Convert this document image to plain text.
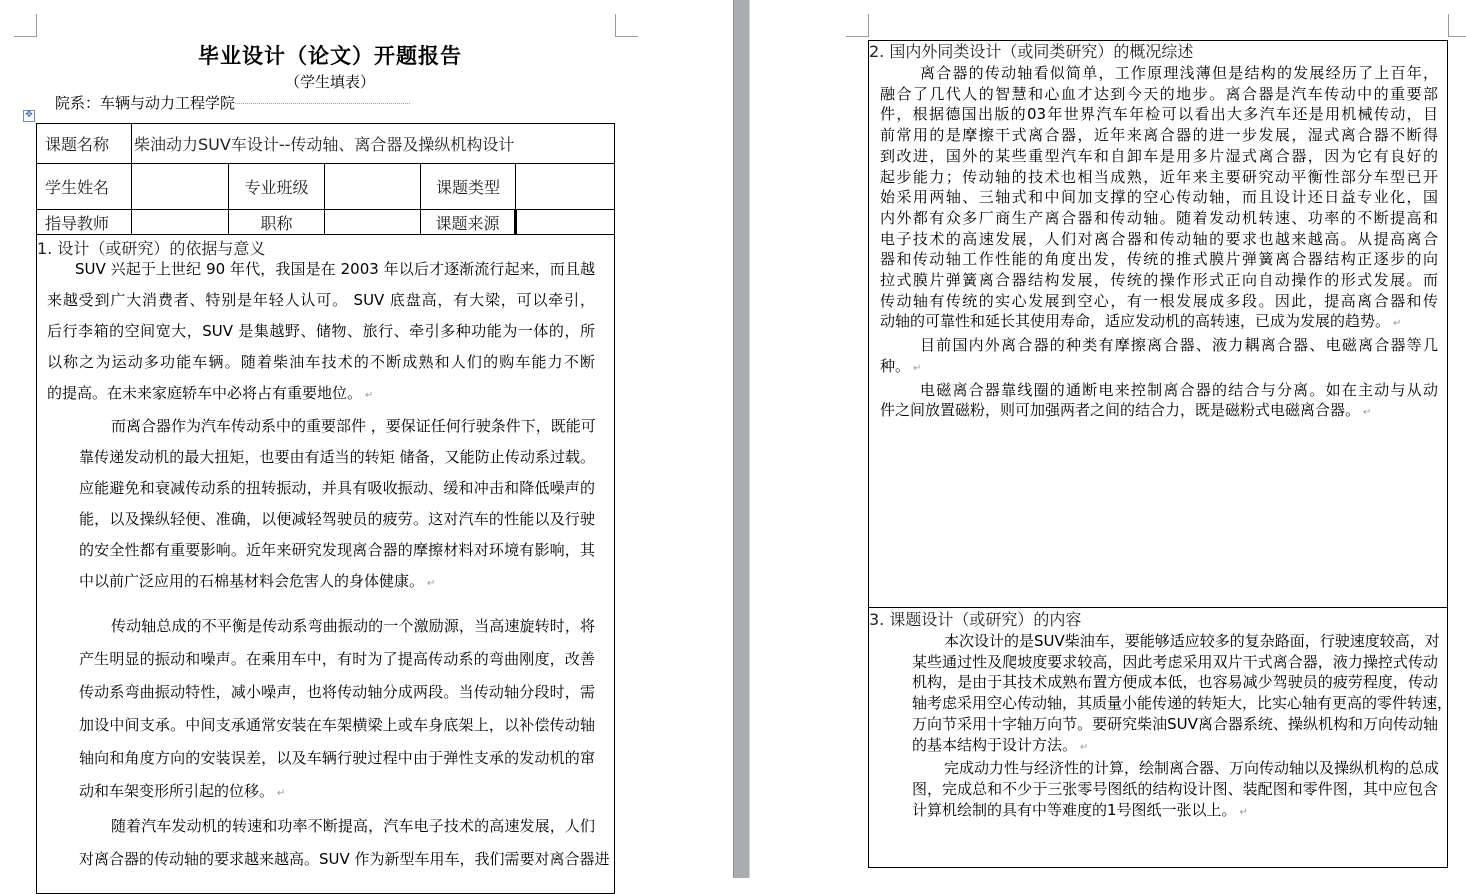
毕业设计（论文）开题报告
（学生填表）
院系：车辆与动力工程学院
✥
课题名称	柴油动力SUV车设计--传动轴、离合器及操纵机构设计				
学生姓名		专业班级		课题类型	
指导教师		职称		课题来源	
1. 设计（或研究）的依据与意义
SUV 兴起于上世纪 90 年代，我国是在 2003 年以后才逐渐流行起来，而且越
来越受到广大消费者、特别是年轻人认可。 SUV 底盘高，有大梁，可以牵引，
后行李箱的空间宽大，SUV 是集越野、储物、旅行、牵引多种功能为一体的，所
以称之为运动多功能车辆。随着柴油车技术的不断成熟和人们的购车能力不断
的提高。在未来家庭轿车中必将占有重要地位。 ↵
而离合器作为汽车传动系中的重要部件 ，要保证任何行驶条件下，既能可
靠传递发动机的最大扭矩，也要由有适当的转矩 储备，又能防止传动系过载。
应能避免和衰减传动系的扭转振动，并具有吸收振动、缓和冲击和降低噪声的
能，以及操纵轻便、准确，以便减轻驾驶员的疲劳。这对汽车的性能以及行驶
的安全性都有重要影响。近年来研究发现离合器的摩擦材料对环境有影响，其
中以前广泛应用的石棉基材料会危害人的身体健康。 ↵
传动轴总成的不平衡是传动系弯曲振动的一个激励源，当高速旋转时，将
产生明显的振动和噪声。在乘用车中，有时为了提高传动系的弯曲刚度，改善
传动系弯曲振动特性，减小噪声，也将传动轴分成两段。当传动轴分段时，需
加设中间支承。中间支承通常安装在车架横梁上或车身底架上，以补偿传动轴
轴向和角度方向的安装误差，以及车辆行驶过程中由于弹性支承的发动机的窜
动和车架变形所引起的位移。 ↵
随着汽车发动机的转速和功率不断提高，汽车电子技术的高速发展，人们
对离合器的传动轴的要求越来越高。SUV 作为新型车用车，我们需要对离合器进
2. 国内外同类设计（或同类研究）的概况综述
离合器的传动轴看似简单，工作原理浅薄但是结构的发展经历了上百年，
融合了几代人的智慧和心血才达到今天的地步。离合器是汽车传动中的重要部
件，根据德国出版的03年世界汽车年检可以看出大多汽车还是用机械传动，目
前常用的是摩擦干式离合器，近年来离合器的进一步发展，湿式离合器不断得
到改进，国外的某些重型汽车和自卸车是用多片湿式离合器，因为它有良好的
起步能力；传动轴的技术也相当成熟，近年来主要研究动平衡性部分车型已开
始采用两轴、三轴式和中间加支撑的空心传动轴，而且设计还日益专业化，国
内外都有众多厂商生产离合器和传动轴。随着发动机转速、功率的不断提高和
电子技术的高速发展，人们对离合器和传动轴的要求也越来越高。从提高离合
器和传动轴工作性能的角度出发，传统的推式膜片弹簧离合器结构正逐步的向
拉式膜片弹簧离合器结构发展，传统的操作形式正向自动操作的形式发展。而
传动轴有传统的实心发展到空心，有一根发展成多段。因此，提高离合器和传
动轴的可靠性和延长其使用寿命，适应发动机的高转速，已成为发展的趋势。 ↵
目前国内外离合器的种类有摩擦离合器、液力耦离合器、电磁离合器等几
种。 ↵
电磁离合器靠线圈的通断电来控制离合器的结合与分离。如在主动与从动
件之间放置磁粉，则可加强两者之间的结合力，既是磁粉式电磁离合器。 ↵
3. 课题设计（或研究）的内容
本次设计的是SUV柴油车，要能够适应较多的复杂路面，行驶速度较高，对
某些通过性及爬坡度要求较高，因此考虑采用双片干式离合器，液力操控式传动
机构，是由于其技术成熟布置方便成本低，也容易减少驾驶员的疲劳程度，传动
轴考虑采用空心传动轴，其质量小能传递的转矩大，比实心轴有更高的零件转速，
万向节采用十字轴万向节。要研究柴油SUV离合器系统、操纵机构和万向传动轴
的基本结构于设计方法。 ↵
完成动力性与经济性的计算，绘制离合器、万向传动轴以及操纵机构的总成
图，完成总和不少于三张零号图纸的结构设计图、装配图和零件图，其中应包含
计算机绘制的具有中等难度的1号图纸一张以上。 ↵
